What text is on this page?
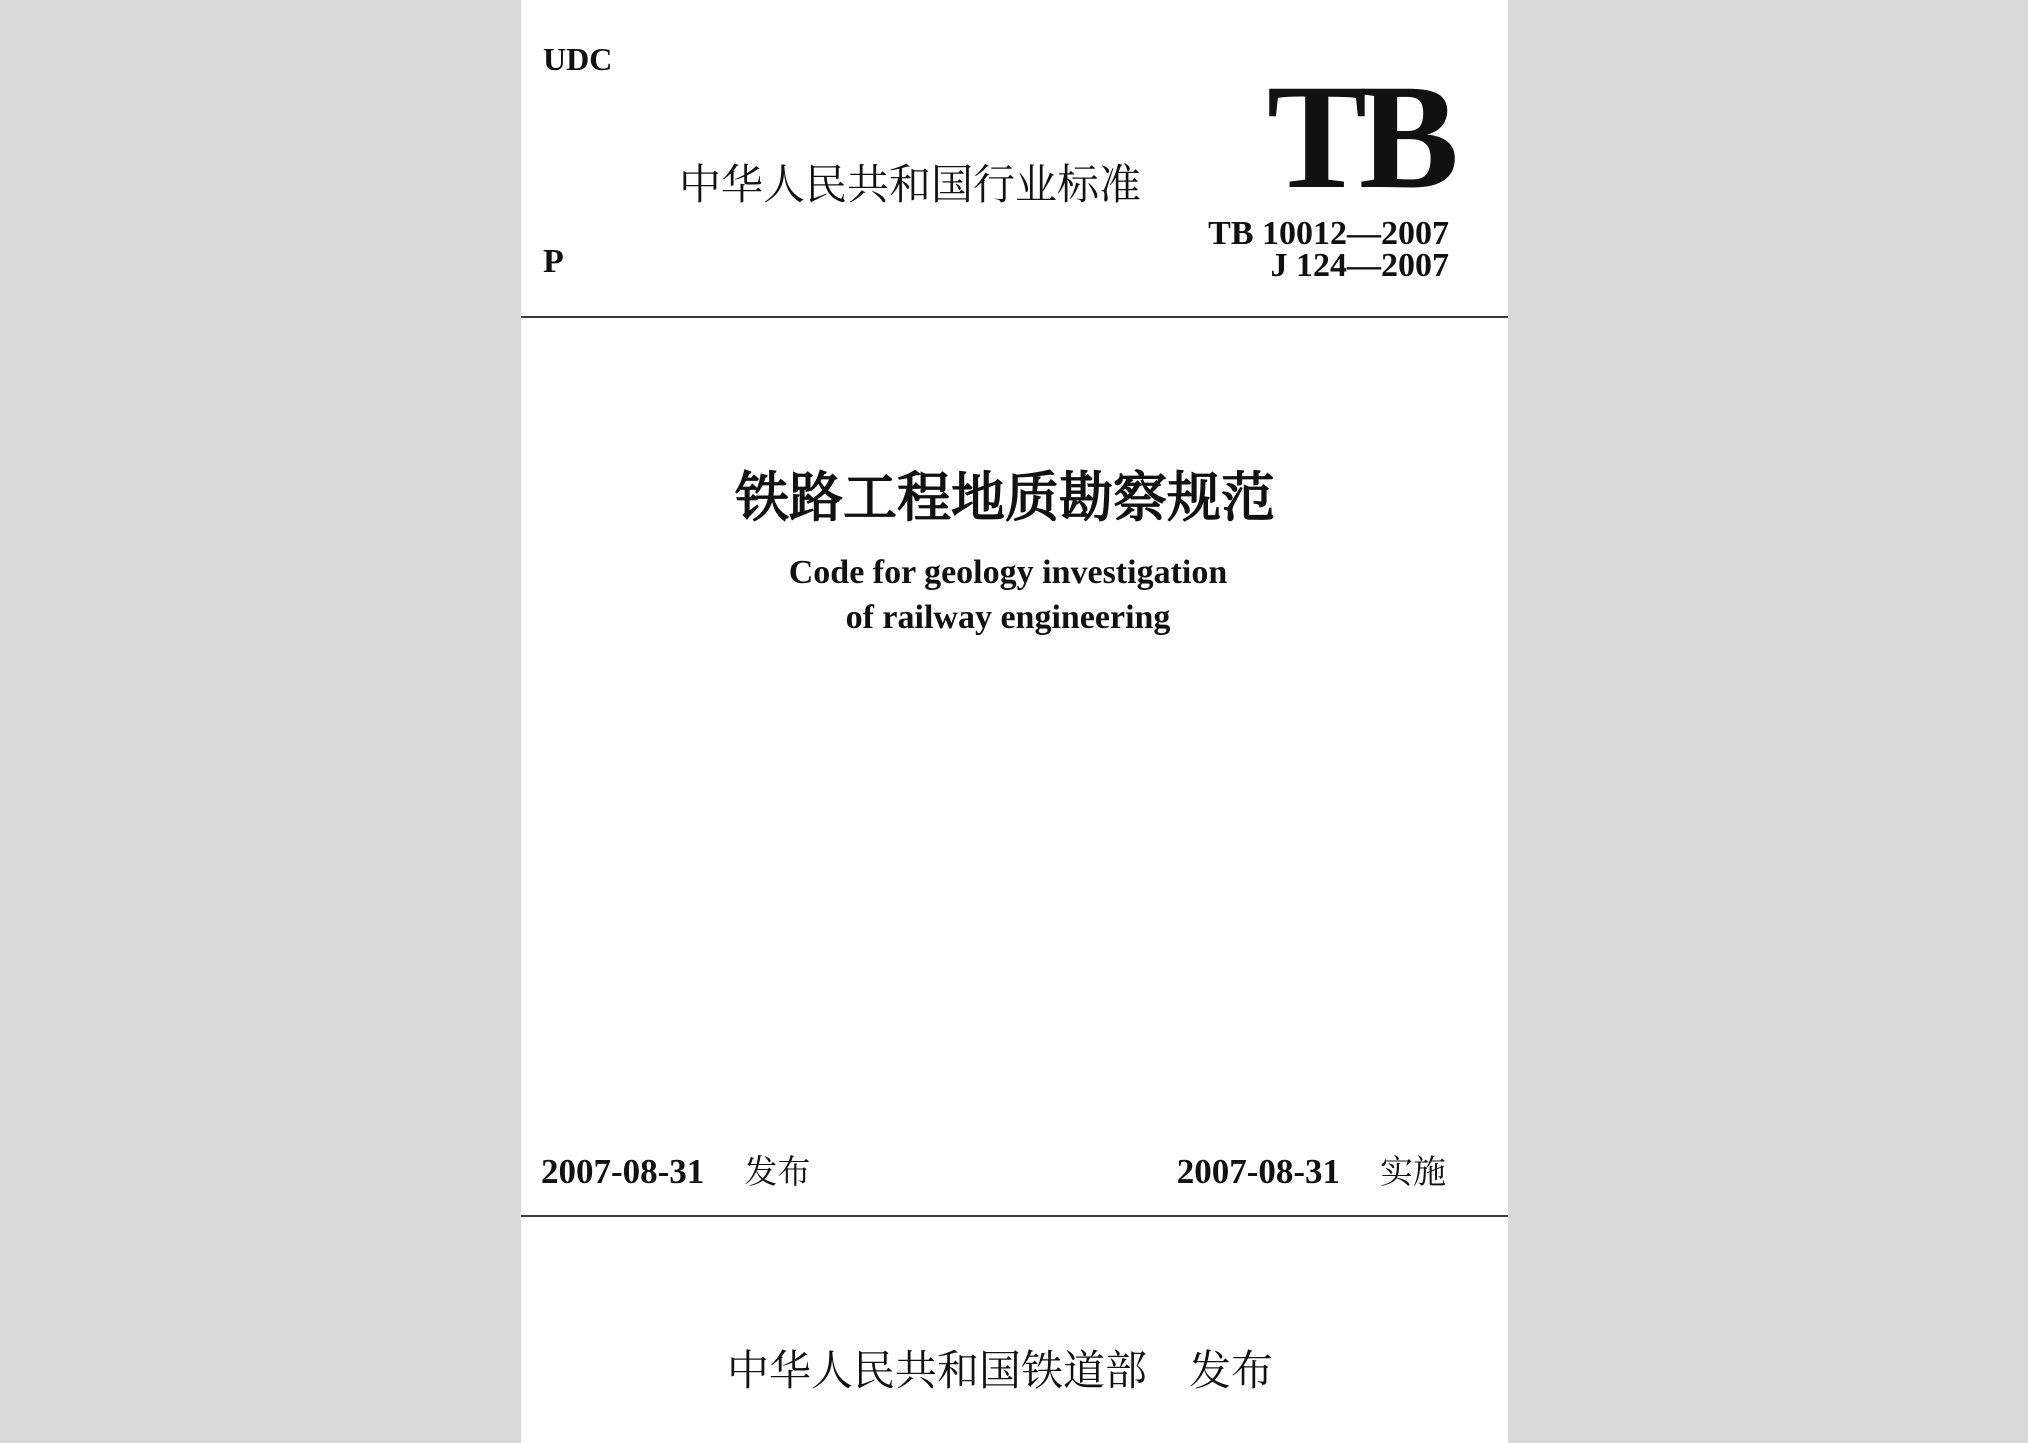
UDC
中华人民共和国行业标准 TB
TB 10012—2007
J 124—2007
P
铁路工程地质勘察规范
Code for geology investigation
of railway engineering
2007-08-31 发布	2007-08-31 实施
中华人民共和国铁道部 发布
